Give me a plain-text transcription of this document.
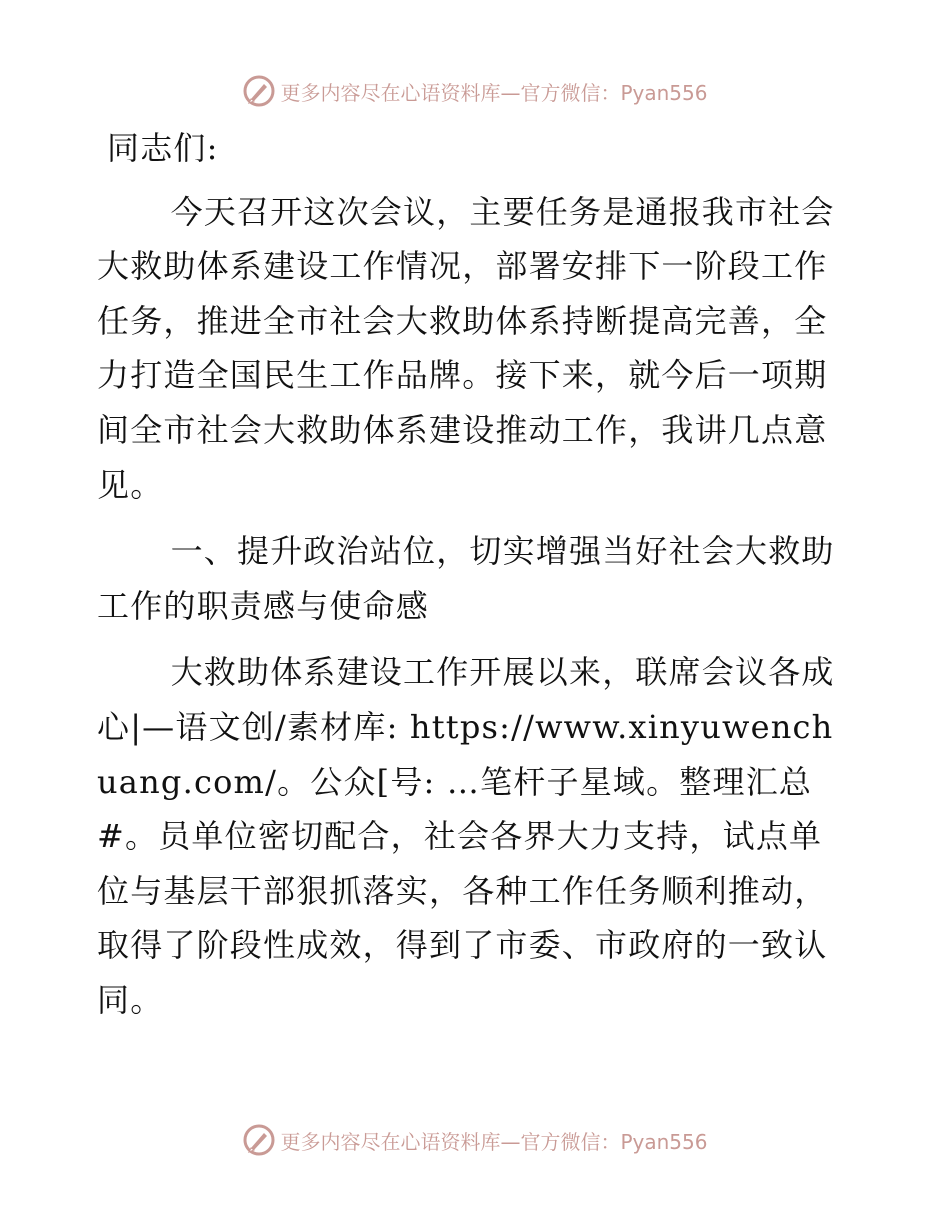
更多内容尽在心语资料库—官方微信：Pyan556

同志们:

今天召开这次会议，主要任务是通报我市社会大救助体系建设工作情况，部署安排下一阶段工作任务，推进全市社会大救助体系持断提高完善，全力打造全国民生工作品牌。接下来，就今后一项期间全市社会大救助体系建设推动工作，我讲几点意见。

一、提升政治站位，切实增强当好社会大救助工作的职责感与使命感

大救助体系建设工作开展以来，联席会议各成心|—语文创/素材库: https://www.xinyuwenchuang.com/。公众[号: …笔杆子星域。整理汇总#。员单位密切配合，社会各界大力支持，试点单位与基层干部狠抓落实，各种工作任务顺利推动，取得了阶段性成效，得到了市委、市政府的一致认同。

更多内容尽在心语资料库—官方微信：Pyan556
